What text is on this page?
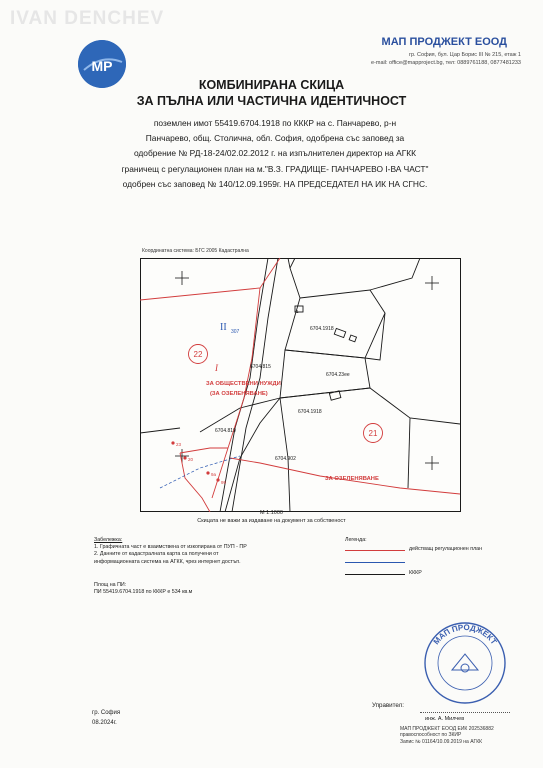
IVAN DENCHEV
MP
МАП ПРОДЖЕКТ ЕООД
гр. София, бул. Цар Борис III № 215, етаж 1
e-mail: office@mapproject.bg, тел: 0889761188, 0877481233
КОМБИНИРАНА СКИЦА
ЗА ПЪЛНА ИЛИ ЧАСТИЧНА ИДЕНТИЧНОСТ
поземлен имот 55419.6704.1918 по КККР на с. Панчарево, р-н
Панчарево, общ. Столична, обл. София, одобрена със заповед за
одобрение № РД-18-24/02.02.2012 г. на изпълнителен директор на АГКК
граничещ с регулационен план на м."В.З. ГРАДИЩЕ- ПАНЧАРЕВО I-ВА ЧАСТ"
одобрен със заповед № 140/12.09.1959г. НА ПРЕДСЕДАТЕЛ НА ИК НА СГНС.
Координатна система: БГС 2005 Кадастрална
II 307
22
21
I
ЗА ОБЩЕСТВЕНИ НУЖДИ
(ЗА ОЗЕЛЕНЯВАНЕ)
ЗА ОЗЕЛЕНЯВАНЕ
6704.1918
6704.815
6704.23ее
6704.1918
6704.819
6704.902
1
23
20
9a
99
М 1:1000
Скицата не важи за издаване на документ за собственост
Забележка:
1. Графичната част е взаимствена от изкопирана от ПУП - ПР
2. Данните от кадастралната карта са получени от
информационната система на АГКК, чрез интернет достъп.
Легенда:
действащ регулационен план
КККР
Площ на ПИ:
ПИ 55419.6704.1918 по КККР е 534 кв.м
МАП ПРОДЖЕКТ
гр. София
08.2024г.
Управител:
инж. А. Милчев
МАП ПРОДЖЕКТ ЕООД ЕИК 202536882
правоспособност по ЗКИР
Запис № 01164/10.09.2019 на АГКК
